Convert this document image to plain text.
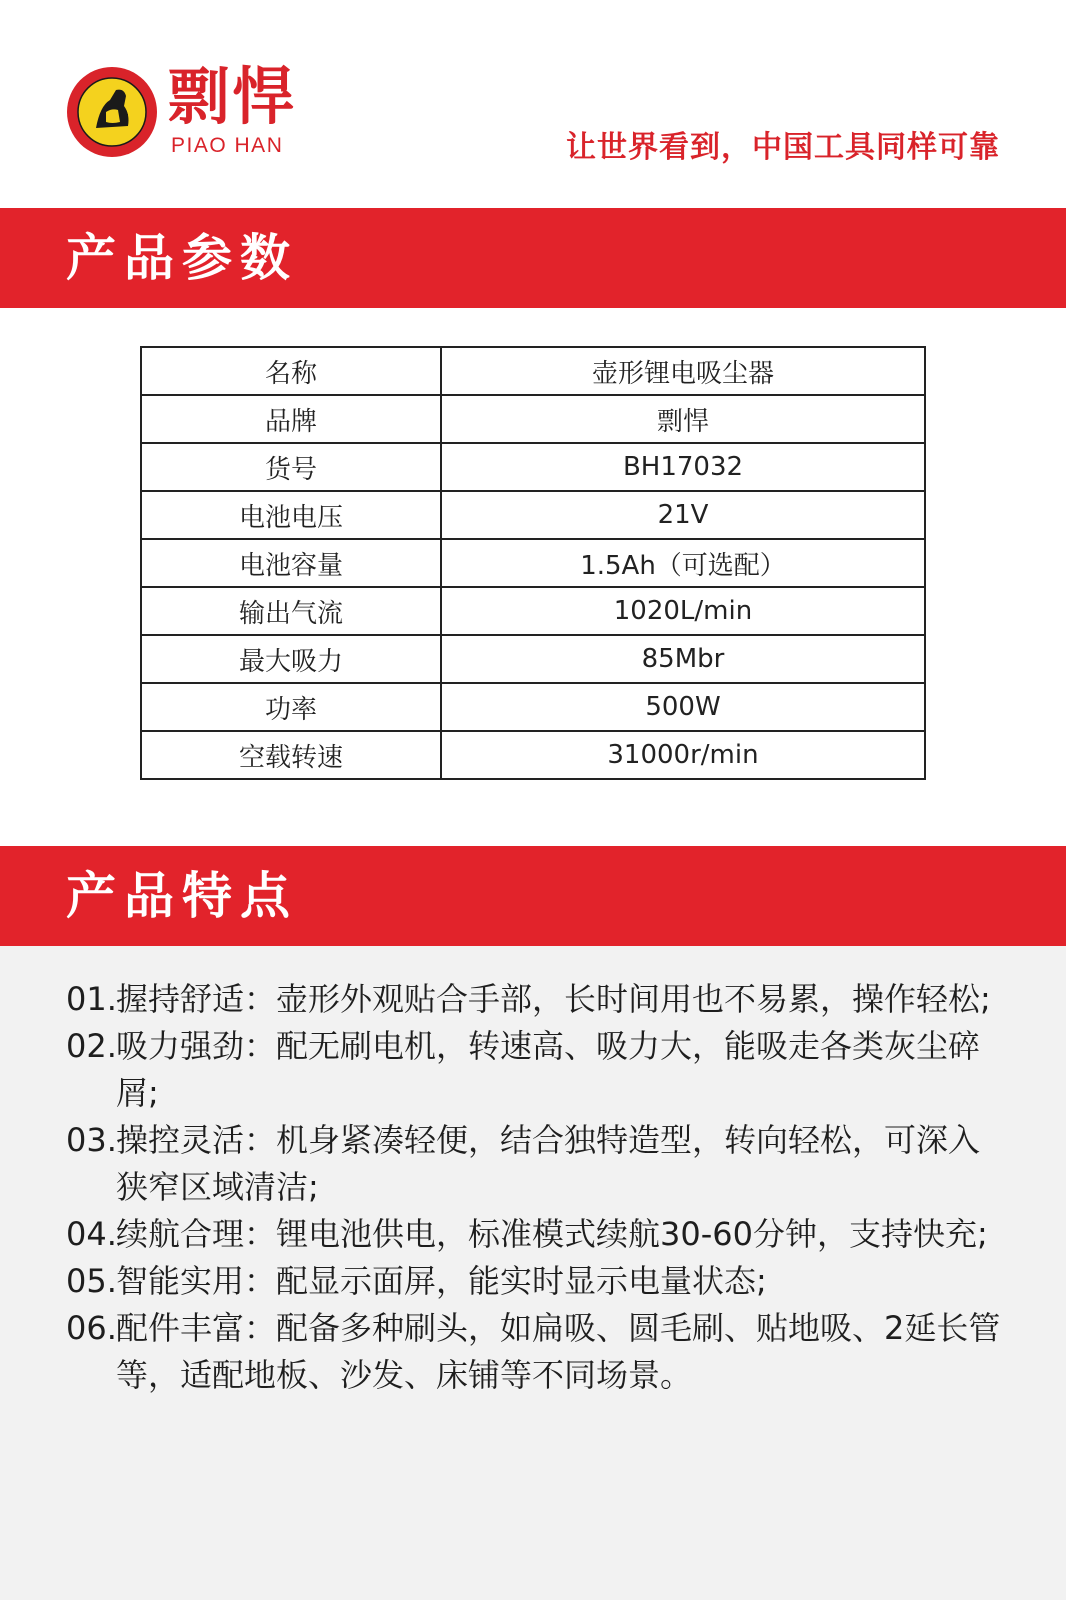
剽悍
PIAO HAN	让世界看到，中国工具同样可靠
产品参数
名称	壶形锂电吸尘器
品牌	剽悍
货号	BH17032
电池电压	21V
电池容量	1.5Ah（可选配）
输出气流	1020L/min
最大吸力	85Mbr
功率	500W
空载转速	31000r/min
产品特点
01. 握持舒适：壶形外观贴合手部，长时间用也不易累，操作轻松;
02. 吸力强劲：配无刷电机，转速高、吸力大，能吸走各类灰尘碎屑;
03. 操控灵活：机身紧凑轻便，结合独特造型，转向轻松，可深入狭窄区域清洁;
04. 续航合理：锂电池供电，标准模式续航30-60分钟，支持快充;
05. 智能实用：配显示面屏，能实时显示电量状态;
06. 配件丰富：配备多种刷头，如扁吸、圆毛刷、贴地吸、2延长管等，适配地板、沙发、床铺等不同场景。
